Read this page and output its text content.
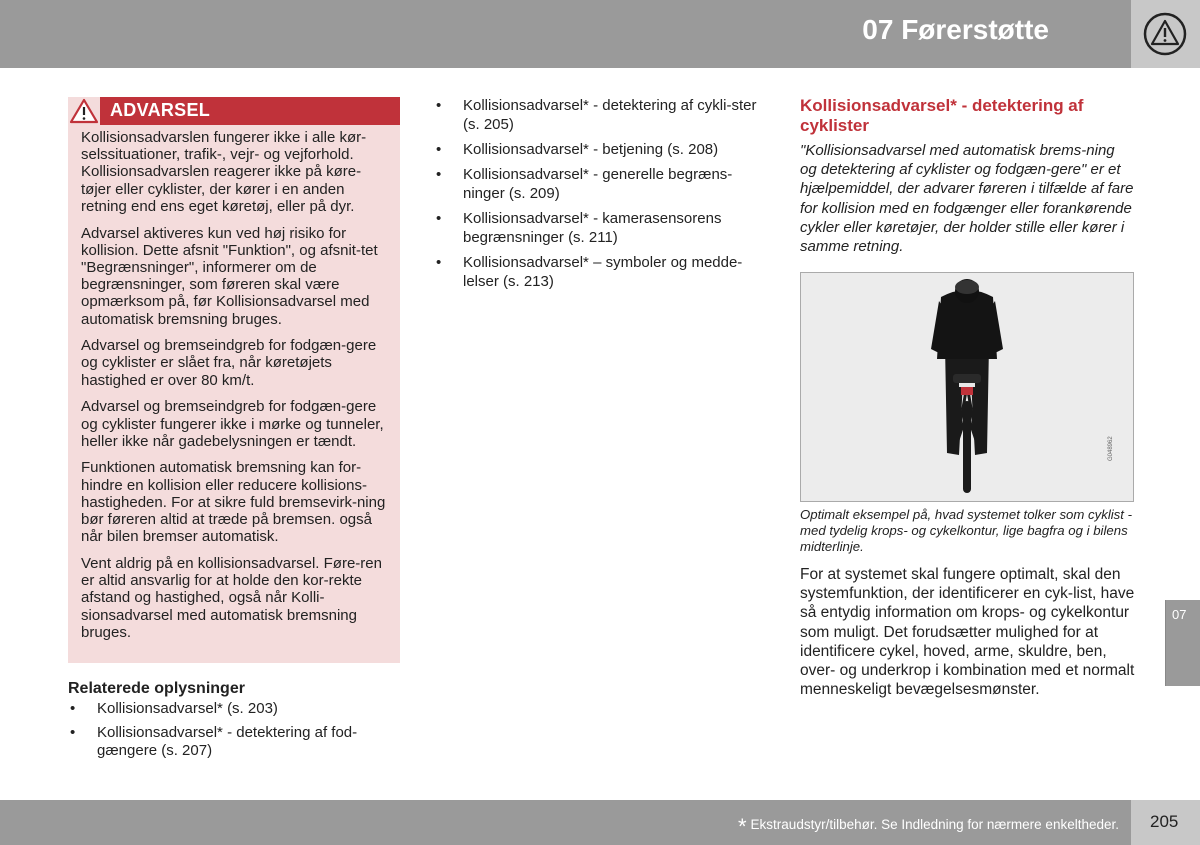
07 Førerstøtte
ADVARSEL

Kollisionsadvarslen fungerer ikke i alle kør-selssituationer, trafik-, vejr- og vejforhold. Kollisionsadvarslen reagerer ikke på køre-tøjer eller cyklister, der kører i en anden retning end ens eget køretøj, eller på dyr.

Advarsel aktiveres kun ved høj risiko for kollision. Dette afsnit "Funktion", og afsnit-tet "Begrænsninger", informerer om de begrænsninger, som føreren skal være opmærksom på, før Kollisionsadvarsel med automatisk bremsning bruges.

Advarsel og bremseindgreb for fodgæn-gere og cyklister er slået fra, når køretøjets hastighed er over 80 km/t.

Advarsel og bremseindgreb for fodgæn-gere og cyklister fungerer ikke i mørke og tunneler, heller ikke når gadebelysningen er tændt.

Funktionen automatisk bremsning kan for-hindre en kollision eller reducere kollisions-hastigheden. For at sikre fuld bremsevirk-ning bør føreren altid at træde på bremsen. også når bilen bremser automatisk.

Vent aldrig på en kollisionsadvarsel. Føre-ren er altid ansvarlig for at holde den kor-rekte afstand og hastighed, også når Kolli-sionsadvarsel med automatisk bremsning bruges.

Relaterede oplysninger
• Kollisionsadvarsel* (s. 203)
• Kollisionsadvarsel* - detektering af fod-gængere (s. 207)
• Kollisionsadvarsel* - detektering af cykli-ster (s. 205)
• Kollisionsadvarsel* - betjening (s. 208)
• Kollisionsadvarsel* - generelle begræns-ninger (s. 209)
• Kollisionsadvarsel* - kamerasensorens begrænsninger (s. 211)
• Kollisionsadvarsel* – symboler og medde-lelser (s. 213)
Kollisionsadvarsel* - detektering af cyklister
"Kollisionsadvarsel med automatisk brems-ning og detektering af cyklister og fodgæn-gere" er et hjælpemiddel, der advarer føreren i tilfælde af fare for kollision med en fodgænger eller forankørende cykler eller køretøjer, der holder stille eller kører i samme retning.
G048962
Optimalt eksempel på, hvad systemet tolker som cyklist - med tydelig krops- og cykelkontur, lige bagfra og i bilens midterlinje.
For at systemet skal fungere optimalt, skal den systemfunktion, der identificerer en cyk-list, have så entydig information om krops- og cykelkontur som muligt. Det forudsætter mulighed for at identificere cykel, hoved, arme, skuldre, ben, over- og underkrop i kombination med et normalt menneskeligt bevægelsesmønster.
07
* Ekstraudstyr/tilbehør. Se Indledning for nærmere enkeltheder. 205
